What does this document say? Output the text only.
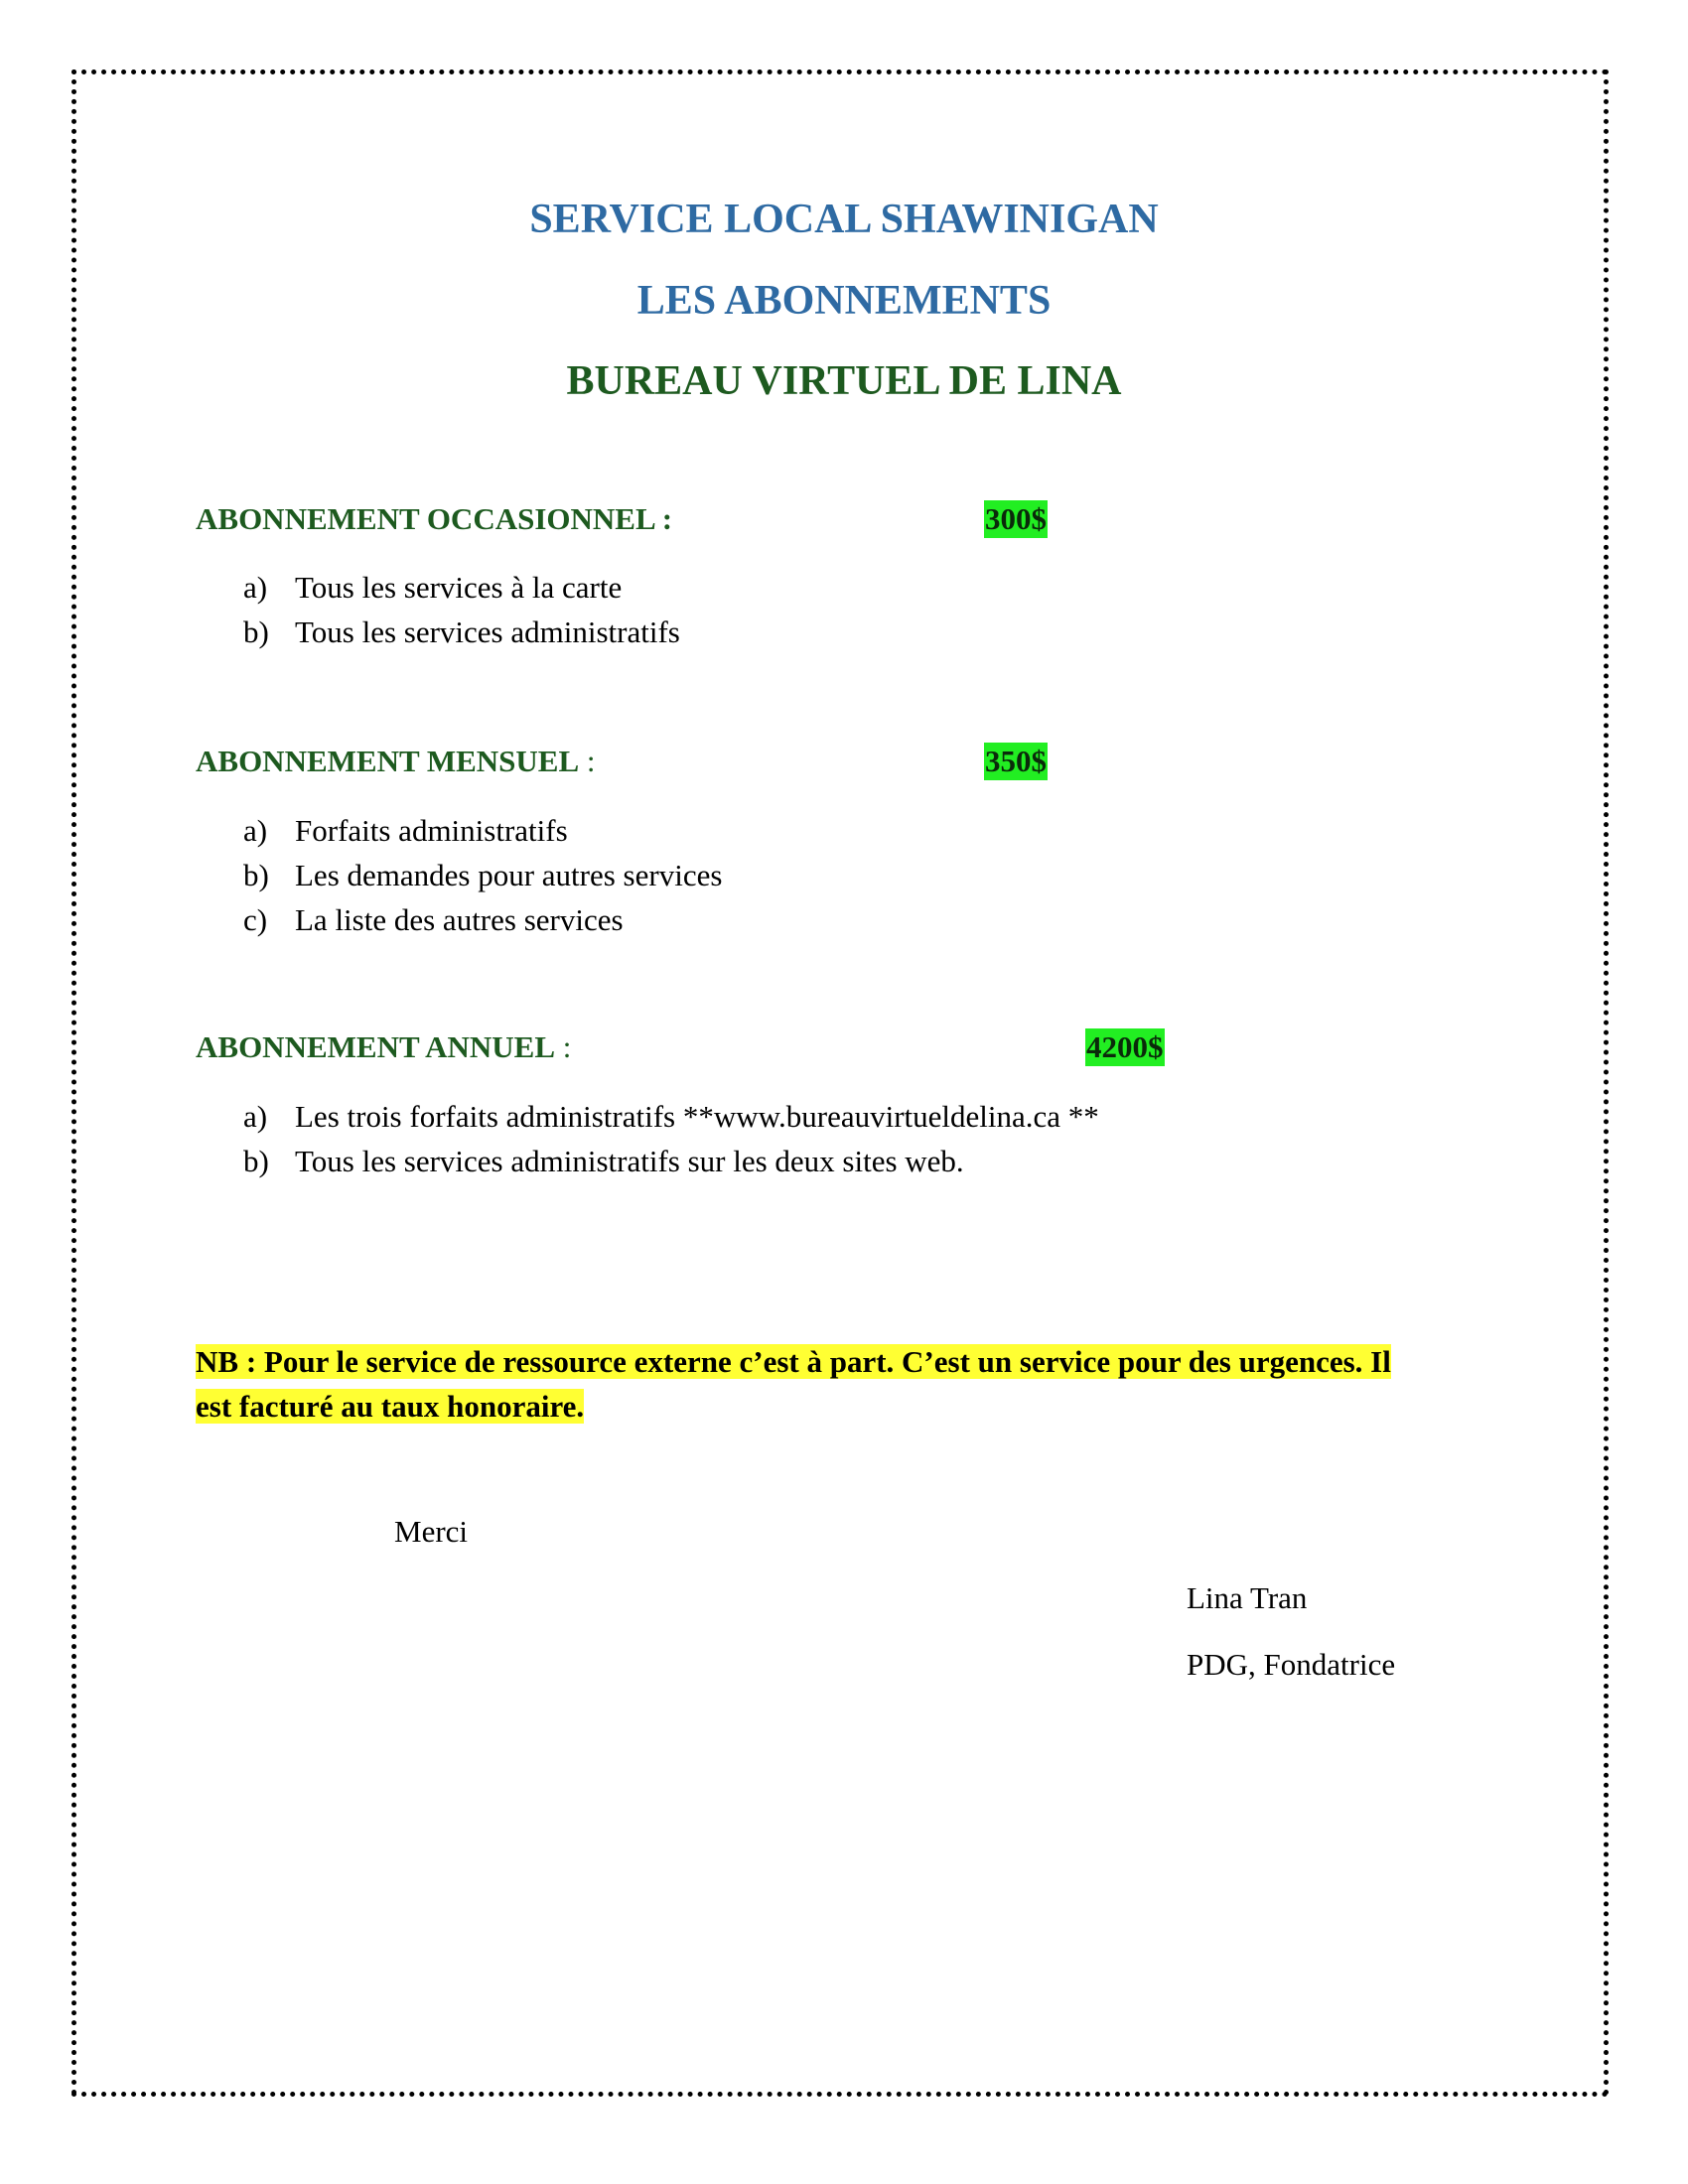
SERVICE LOCAL SHAWINIGAN
LES ABONNEMENTS
BUREAU VIRTUEL DE LINA
ABONNEMENT OCCASIONNEL :	300$
a) Tous les services à la carte
b) Tous les services administratifs
ABONNEMENT MENSUEL :	350$
a) Forfaits administratifs
b) Les demandes pour autres services
c) La liste des autres services
ABONNEMENT ANNUEL :	4200$
a) Les trois forfaits administratifs **www.bureauvirtueldelina.ca **
b) Tous les services administratifs sur les deux sites web.

NB : Pour le service de ressource externe c’est à part. C’est un service pour des urgences. Il
est facturé au taux honoraire.

Merci
Lina Tran
PDG, Fondatrice
